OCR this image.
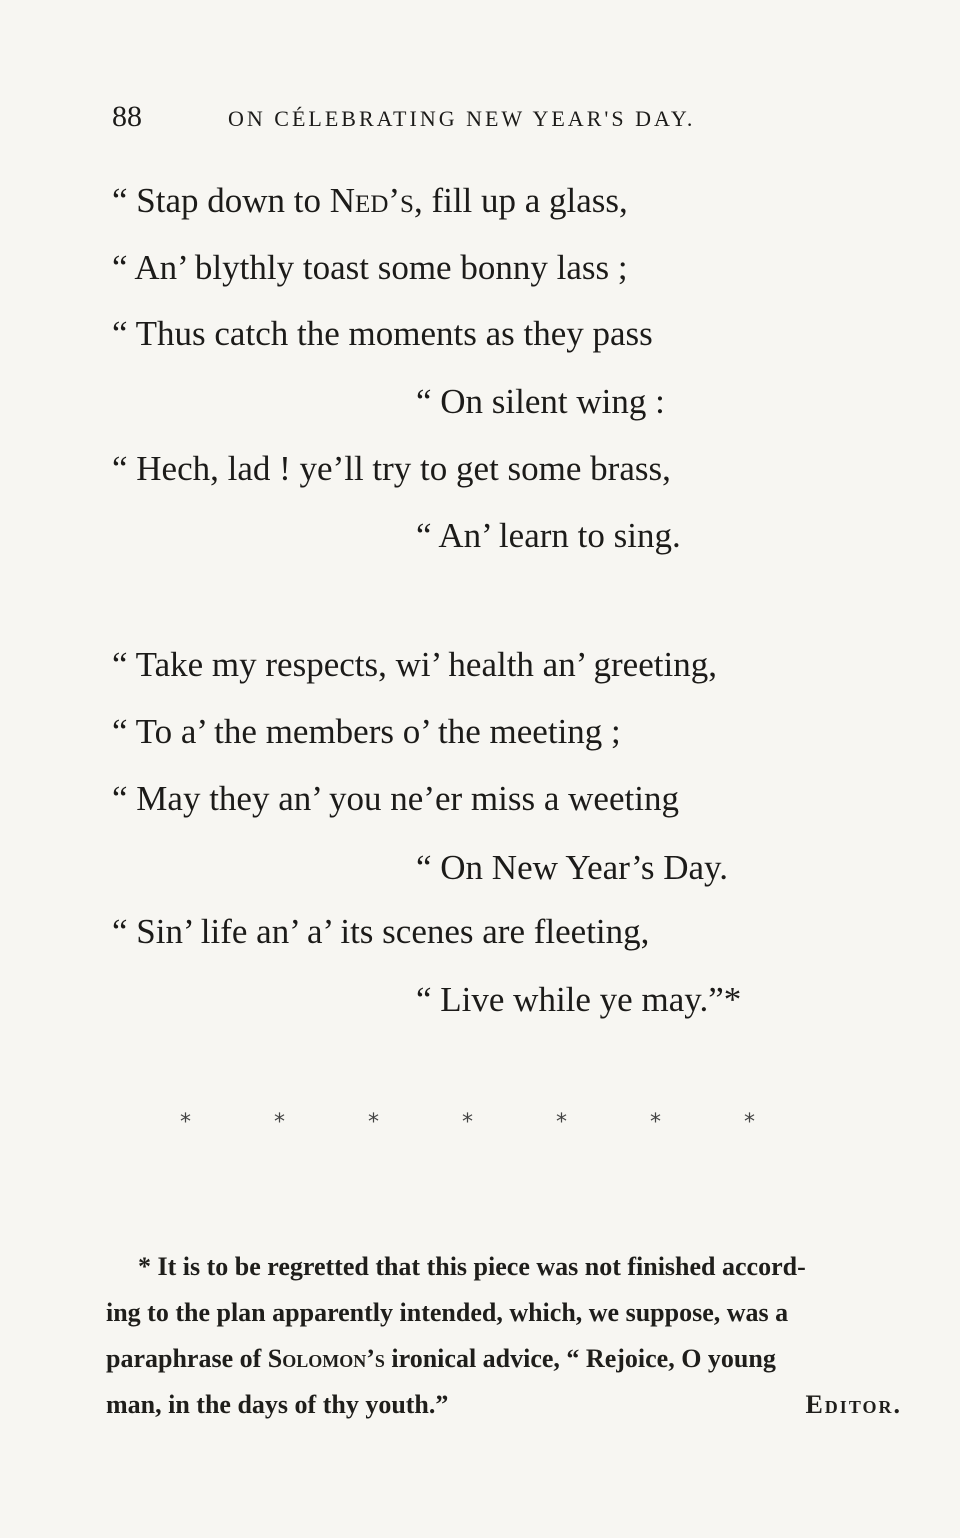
88	ON CÉLEBRATING NEW YEAR'S DAY.
“ Stap down to Ned’s, fill up a glass,
“ An’ blythly toast some bonny lass ;
“ Thus catch the moments as they pass
“ On silent wing :
“ Hech, lad ! ye’ll try to get some brass,
“ An’ learn to sing.
“ Take my respects, wi’ health an’ greeting,
“ To a’ the members o’ the meeting ;
“ May they an’ you ne’er miss a weeting
“ On New Year’s Day.
“ Sin’ life an’ a’ its scenes are fleeting,
“ Live while ye may.”*
*	*	*	*	*	*	*
* It is to be regretted that this piece was not finished accord-
ing to the plan apparently intended, which, we suppose, was a
paraphrase of Solomon’s ironical advice, “ Rejoice, O young
man, in the days of thy youth.”	Editor.
